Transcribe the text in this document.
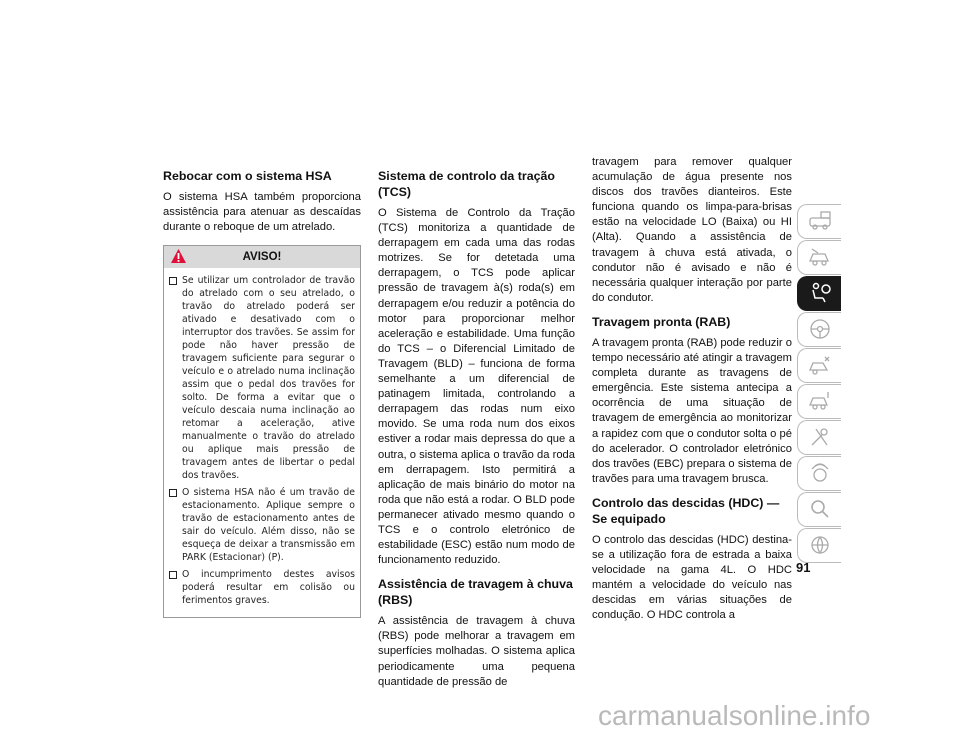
Rebocar com o sistema HSA

O sistema HSA também proporciona assistência para atenuar as descaídas durante o reboque de um atrelado.

AVISO!
Se utilizar um controlador de travão do atrelado com o seu atrelado, o travão do atrelado poderá ser ativado e desativado com o interruptor dos travões. Se assim for pode não haver pressão de travagem suficiente para segurar o veículo e o atrelado numa inclinação assim que o pedal dos travões for solto. De forma a evitar que o veículo descaia numa inclinação ao retomar a aceleração, ative manualmente o travão do atrelado ou aplique mais pressão de travagem antes de libertar o pedal dos travões.
O sistema HSA não é um travão de estacionamento. Aplique sempre o travão de estacionamento antes de sair do veículo. Além disso, não se esqueça de deixar a transmissão em PARK (Estacionar) (P).
O incumprimento destes avisos poderá resultar em colisão ou ferimentos graves.
Sistema de controlo da tração (TCS)

O Sistema de Controlo da Tração (TCS) monitoriza a quantidade de derrapagem em cada uma das rodas motrizes. Se for detetada uma derrapagem, o TCS pode aplicar pressão de travagem à(s) roda(s) em derrapagem e/ou reduzir a potência do motor para proporcionar melhor aceleração e estabilidade. Uma função do TCS – o Diferencial Limitado de Travagem (BLD) – funciona de forma semelhante a um diferencial de patinagem limitada, controlando a derrapagem das rodas num eixo movido. Se uma roda num dos eixos estiver a rodar mais depressa do que a outra, o sistema aplica o travão da roda em derrapagem. Isto permitirá a aplicação de mais binário do motor na roda que não está a rodar. O BLD pode permanecer ativado mesmo quando o TCS e o controlo eletrónico de estabilidade (ESC) estão num modo de funcionamento reduzido.

Assistência de travagem à chuva (RBS)

A assistência de travagem à chuva (RBS) pode melhorar a travagem em superfícies molhadas. O sistema aplica periodicamente uma pequena quantidade de pressão de

travagem para remover qualquer acumulação de água presente nos discos dos travões dianteiros. Este funciona quando os limpa-para-brisas estão na velocidade LO (Baixa) ou HI (Alta). Quando a assistência de travagem à chuva está ativada, o condutor não é avisado e não é necessária qualquer interação por parte do condutor.

Travagem pronta (RAB)

A travagem pronta (RAB) pode reduzir o tempo necessário até atingir a travagem completa durante as travagens de emergência. Este sistema antecipa a ocorrência de uma situação de travagem de emergência ao monitorizar a rapidez com que o condutor solta o pé do acelerador. O controlador eletrónico dos travões (EBC) prepara o sistema de travões para uma travagem brusca.

Controlo das descidas (HDC) — Se equipado

O controlo das descidas (HDC) destina-se a utilização fora de estrada a baixa velocidade na gama 4L. O HDC mantém a velocidade do veículo nas descidas em várias situações de condução. O HDC controla a

91
carmanualsonline.info
